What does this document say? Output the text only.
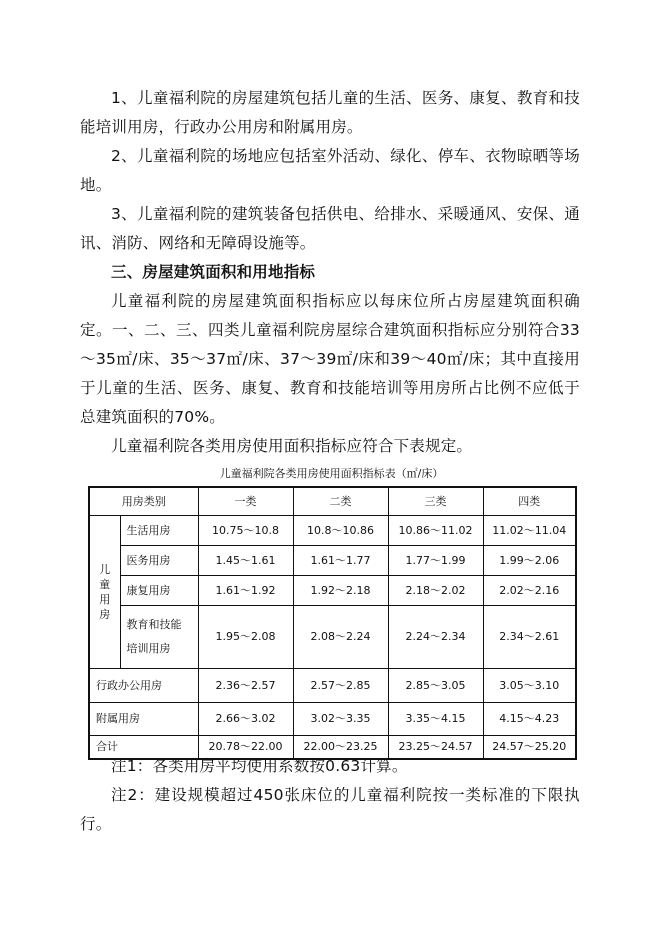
1、儿童福利院的房屋建筑包括儿童的生活、医务、康复、教育和技能培训用房，行政办公用房和附属用房。

2、儿童福利院的场地应包括室外活动、绿化、停车、衣物晾晒等场地。

3、儿童福利院的建筑装备包括供电、给排水、采暖通风、安保、通讯、消防、网络和无障碍设施等。

三、房屋建筑面积和用地指标

儿童福利院的房屋建筑面积指标应以每床位所占房屋建筑面积确定。一、二、三、四类儿童福利院房屋综合建筑面积指标应分别符合33～35㎡/床、35～37㎡/床、37～39㎡/床和39～40㎡/床；其中直接用于儿童的生活、医务、康复、教育和技能培训等用房所占比例不应低于总建筑面积的70%。

儿童福利院各类用房使用面积指标应符合下表规定。

儿童福利院各类用房使用面积指标表（㎡/床）

用房类别		一类	二类	三类	四类

儿
童
用
房	生活用房	10.75～10.8	10.8～10.86	10.86～11.02	11.02～11.04
	医务用房	1.45～1.61	1.61～1.77	1.77～1.99	1.99～2.06
	康复用房	1.61～1.92	1.92～2.18	2.18～2.02	2.02～2.16

	教育和技能
培训用房	1.95～2.08	2.08～2.24	2.24～2.34	2.34～2.61
行政办公用房		2.36～2.57	2.57～2.85	2.85～3.05	3.05～3.10
附属用房		2.66～3.02	3.02～3.35	3.35～4.15	4.15～4.23
合计		20.78～22.00	22.00～23.25	23.25～24.57	24.57～25.20

注1：各类用房平均使用系数按0.63计算。

注2：建设规模超过450张床位的儿童福利院按一类标准的下限执行。
